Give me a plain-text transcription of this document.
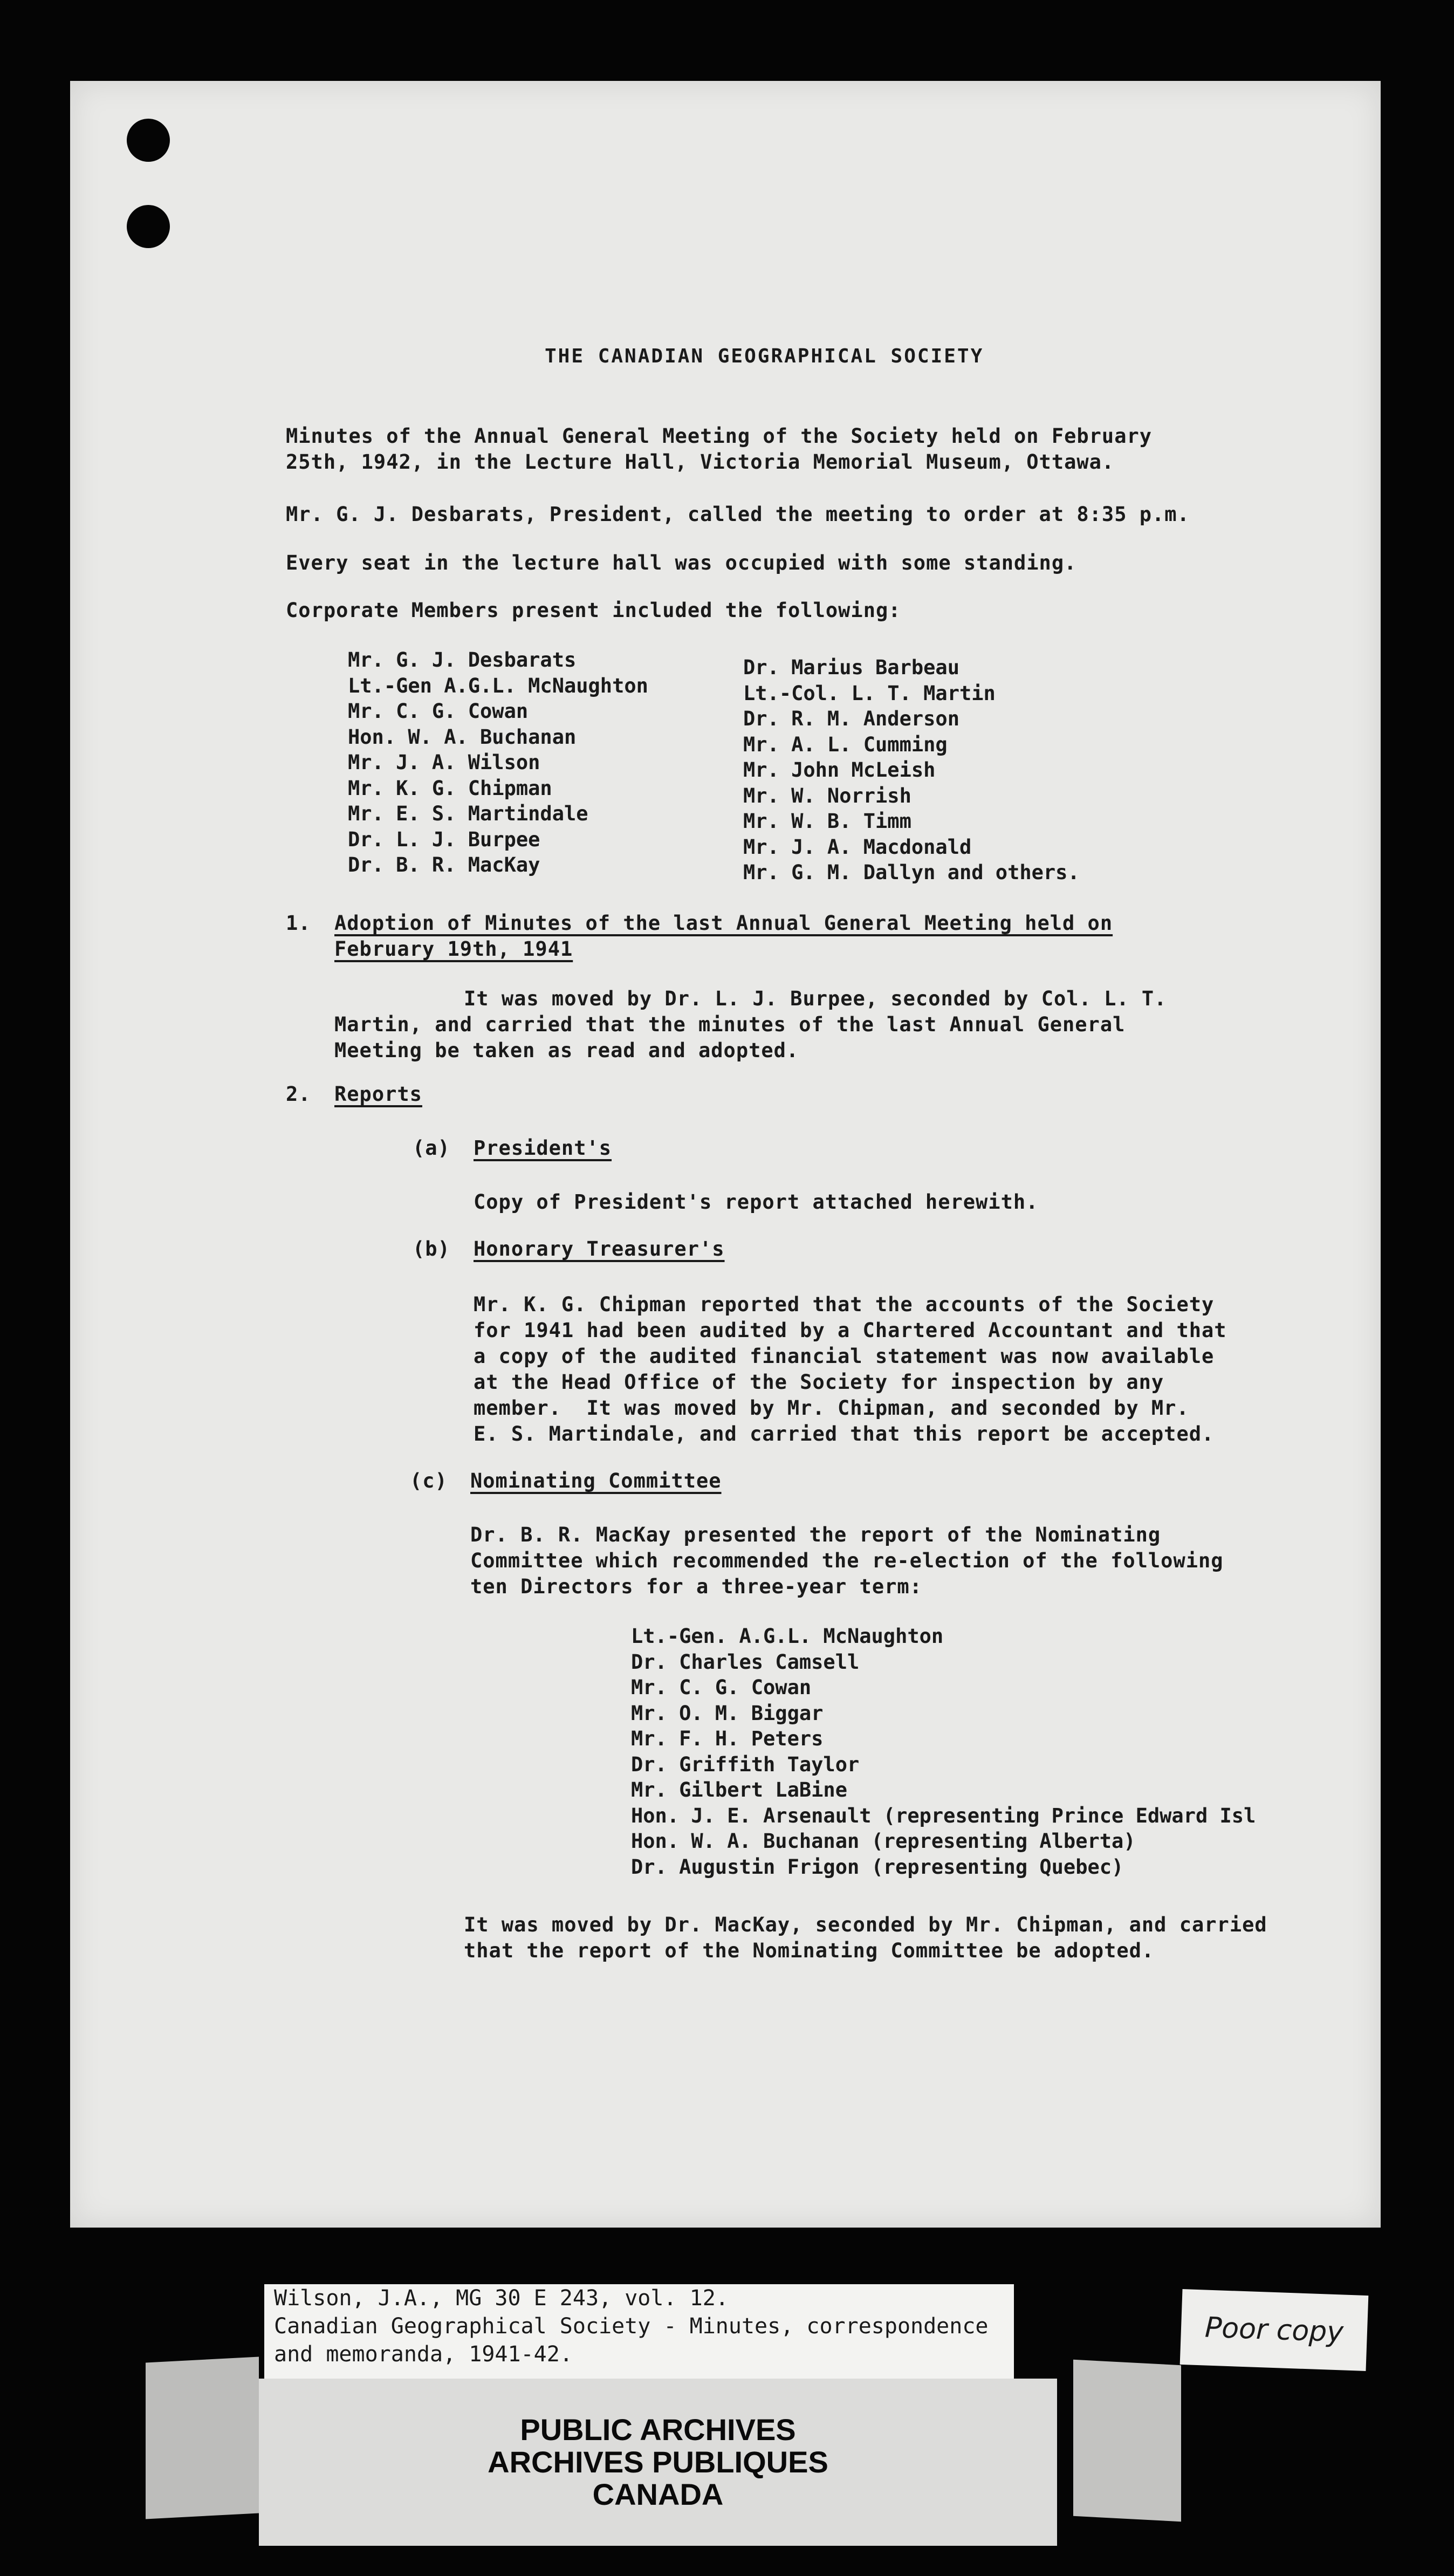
THE CANADIAN GEOGRAPHICAL SOCIETY
Minutes of the Annual General Meeting of the Society held on February
25th, 1942, in the Lecture Hall, Victoria Memorial Museum, Ottawa.
Mr. G. J. Desbarats, President, called the meeting to order at 8:35 p.m.
Every seat in the lecture hall was occupied with some standing.
Corporate Members present included the following:
Mr. G. J. Desbarats
Lt.-Gen A.G.L. McNaughton
Mr. C. G. Cowan
Hon. W. A. Buchanan
Mr. J. A. Wilson
Mr. K. G. Chipman
Mr. E. S. Martindale
Dr. L. J. Burpee
Dr. B. R. MacKay
Dr. Marius Barbeau
Lt.-Col. L. T. Martin
Dr. R. M. Anderson
Mr. A. L. Cumming
Mr. John McLeish
Mr. W. Norrish
Mr. W. B. Timm
Mr. J. A. Macdonald
Mr. G. M. Dallyn and others.
1. Adoption of Minutes of the last Annual General Meeting held on
February 19th, 1941
It was moved by Dr. L. J. Burpee, seconded by Col. L. T.
Martin, and carried that the minutes of the last Annual General
Meeting be taken as read and adopted.
2. Reports
(a) President's
Copy of President's report attached herewith.
(b) Honorary Treasurer's
Mr. K. G. Chipman reported that the accounts of the Society
for 1941 had been audited by a Chartered Accountant and that
a copy of the audited financial statement was now available
at the Head Office of the Society for inspection by any
member.  It was moved by Mr. Chipman, and seconded by Mr.
E. S. Martindale, and carried that this report be accepted.
(c) Nominating Committee
Dr. B. R. MacKay presented the report of the Nominating
Committee which recommended the re-election of the following
ten Directors for a three-year term:
Lt.-Gen. A.G.L. McNaughton
Dr. Charles Camsell
Mr. C. G. Cowan
Mr. O. M. Biggar
Mr. F. H. Peters
Dr. Griffith Taylor
Mr. Gilbert LaBine
Hon. J. E. Arsenault (representing Prince Edward Isl
Hon. W. A. Buchanan (representing Alberta)
Dr. Augustin Frigon (representing Quebec)
It was moved by Dr. MacKay, seconded by Mr. Chipman, and carried
that the report of the Nominating Committee be adopted.
Wilson, J.A., MG 30 E 243, vol. 12.
Canadian Geographical Society - Minutes, correspondence
and memoranda, 1941-42.
Poor copy
PUBLIC ARCHIVES
ARCHIVES PUBLIQUES
CANADA
